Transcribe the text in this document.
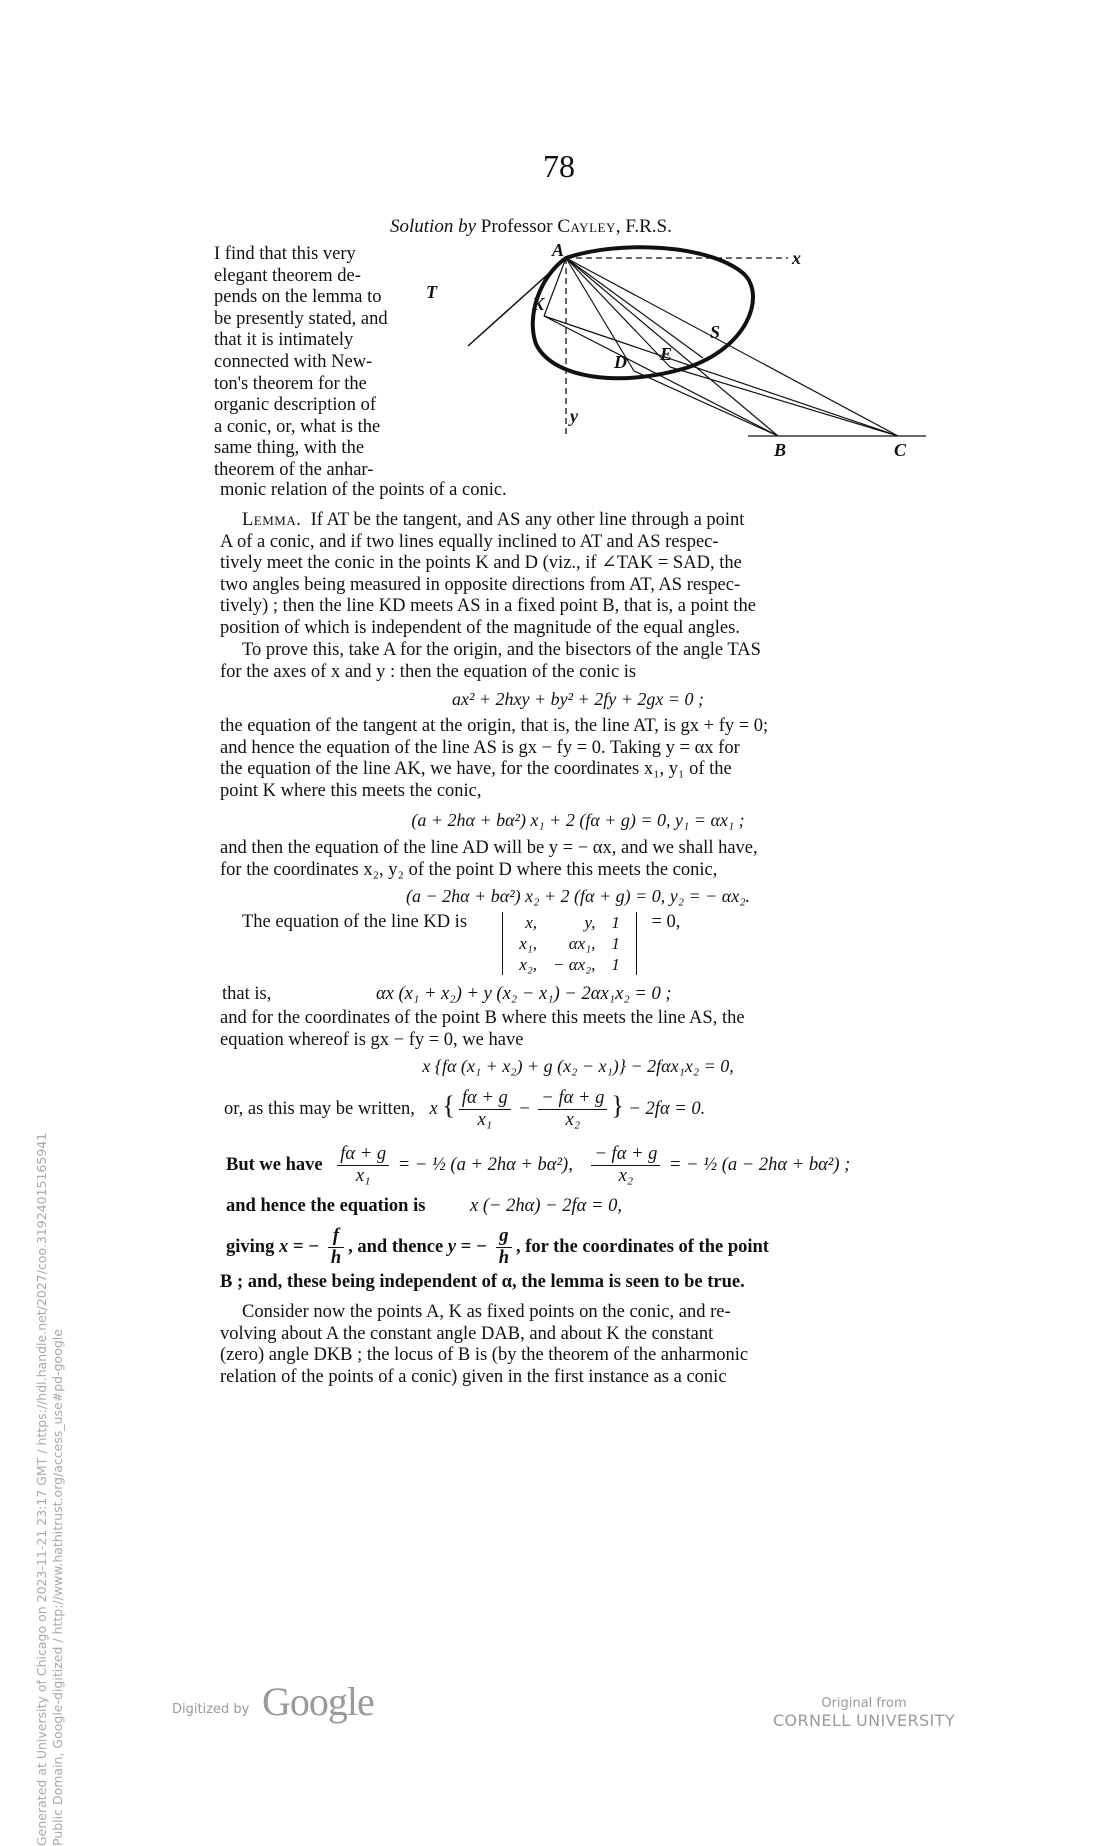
78
Solution by Professor Cayley, F.R.S.
I find that this very
elegant theorem de-
pends on the lemma to
be presently stated, and
that it is intimately
connected with New-
ton's theorem for the
organic description of
a conic, or, what is the
same thing, with the
theorem of the anhar-
A	x
T
K
S
D E
y
B	C
monic relation of the points of a conic.
Lemma. If AT be the tangent, and AS any other line through a point
A of a conic, and if two lines equally inclined to AT and AS respec-
tively meet the conic in the points K and D (viz., if ∠TAK = SAD, the
two angles being measured in opposite directions from AT, AS respec-
tively) ; then the line KD meets AS in a fixed point B, that is, a point the
position of which is independent of the magnitude of the equal angles.
To prove this, take A for the origin, and the bisectors of the angle TAS
for the axes of x and y : then the equation of the conic is
ax² + 2hxy + by² + 2fy + 2gx = 0 ;
the equation of the tangent at the origin, that is, the line AT, is gx + fy = 0;
and hence the equation of the line AS is gx − fy = 0. Taking y = αx for
the equation of the line AK, we have, for the coordinates x₁, y₁ of the
point K where this meets the conic,
(a + 2hα + bα²) x₁ + 2 (fα + g) = 0, y₁ = αx₁ ;
and then the equation of the line AD will be y = − αx, and we shall have,
for the coordinates x₂, y₂ of the point D where this meets the conic,
(a − 2hα + bα²) x₂ + 2 (fα + g) = 0, y₂ = − αx₂.
The equation of the line KD is	x,	y,	1
x₁,	αx₁,	1
x₂,	− αx₂,	1
= 0,
that is,	αx (x₁ + x₂) + y (x₂ − x₁) − 2αx₁x₂ = 0 ;
and for the coordinates of the point B where this meets the line AS, the
equation whereof is gx − fy = 0, we have
x {fα (x₁ + x₂) + g (x₂ − x₁)} − 2fαx₁x₂ = 0,
or, as this may be written, x { $\frac{f\alpha + g}{\text{x₁}} - \frac{- f\alpha + g}{\text{x₂}}$ } − 2fα = 0.
But we have $\frac{f\alpha + g}{\text{x₁}}$ = − ½ (a + 2hα + bα²), $\frac{- f\alpha + g}{\text{x₂}}$ = − ½ (a − 2hα + bα²) ;
and hence the equation is x (− 2hα) − 2fα = 0,
giving x = − $\frac{f}{h}$ , and thence y = − $\frac{g}{h}$ , for the coordinates of the point
B ; and, these being independent of α, the lemma is seen to be true.
Consider now the points A, K as fixed points on the conic, and re-
volving about A the constant angle DAB, and about K the constant
(zero) angle DKB ; the locus of B is (by the theorem of the anharmonic
relation of the points of a conic) given in the first instance as a conic
Generated at University of Chicago on 2023-11-21 23:17 GMT / https://hdl.handle.net/2027/coo.31924015165941 Public Domain, Google-digitized / http://www.hathitrust.org/access_use#pd-google	Digitized by Google	Original from
CORNELL UNIVERSITY
